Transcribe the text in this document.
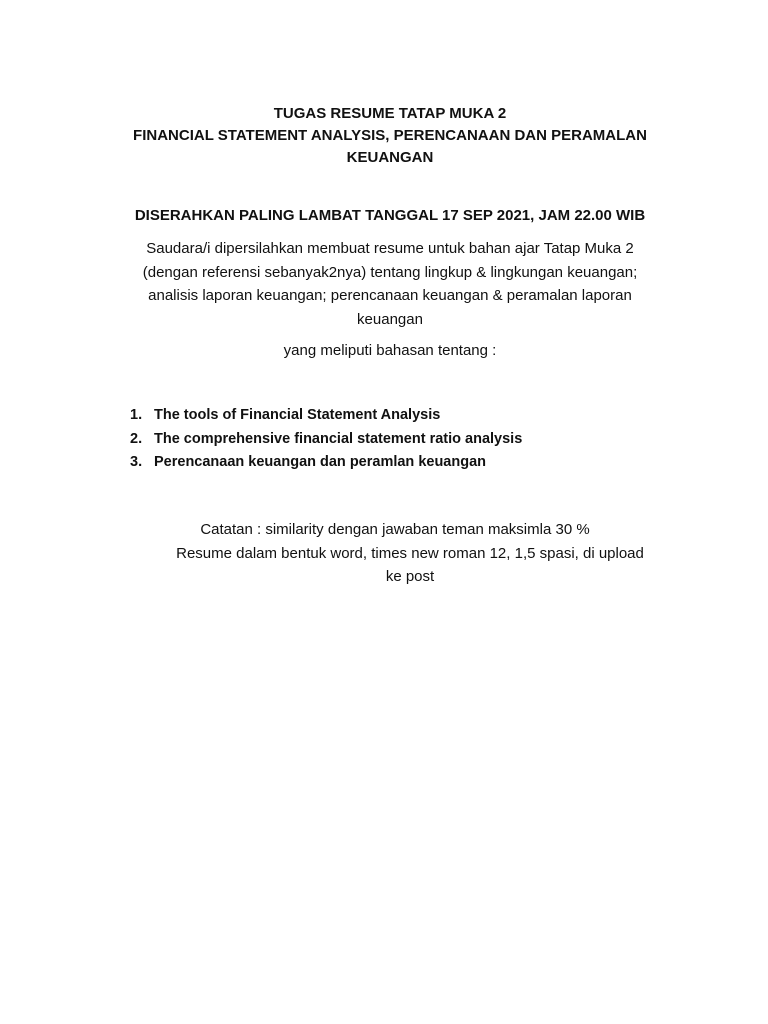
TUGAS RESUME TATAP MUKA 2
FINANCIAL STATEMENT ANALYSIS, PERENCANAAN DAN PERAMALAN
KEUANGAN
DISERAHKAN PALING LAMBAT TANGGAL 17 SEP 2021, JAM 22.00 WIB
Saudara/i dipersilahkan membuat resume untuk bahan ajar Tatap Muka 2
(dengan referensi sebanyak2nya) tentang lingkup & lingkungan keuangan;
analisis laporan keuangan; perencanaan keuangan & peramalan laporan
keuangan
yang meliputi bahasan tentang :
1. The tools of Financial Statement Analysis
2. The comprehensive financial statement ratio analysis
3. Perencanaan keuangan dan peramlan keuangan
Catatan : similarity dengan jawaban teman maksimla 30 %
Resume dalam bentuk word, times new roman 12, 1,5 spasi, di upload
ke post
